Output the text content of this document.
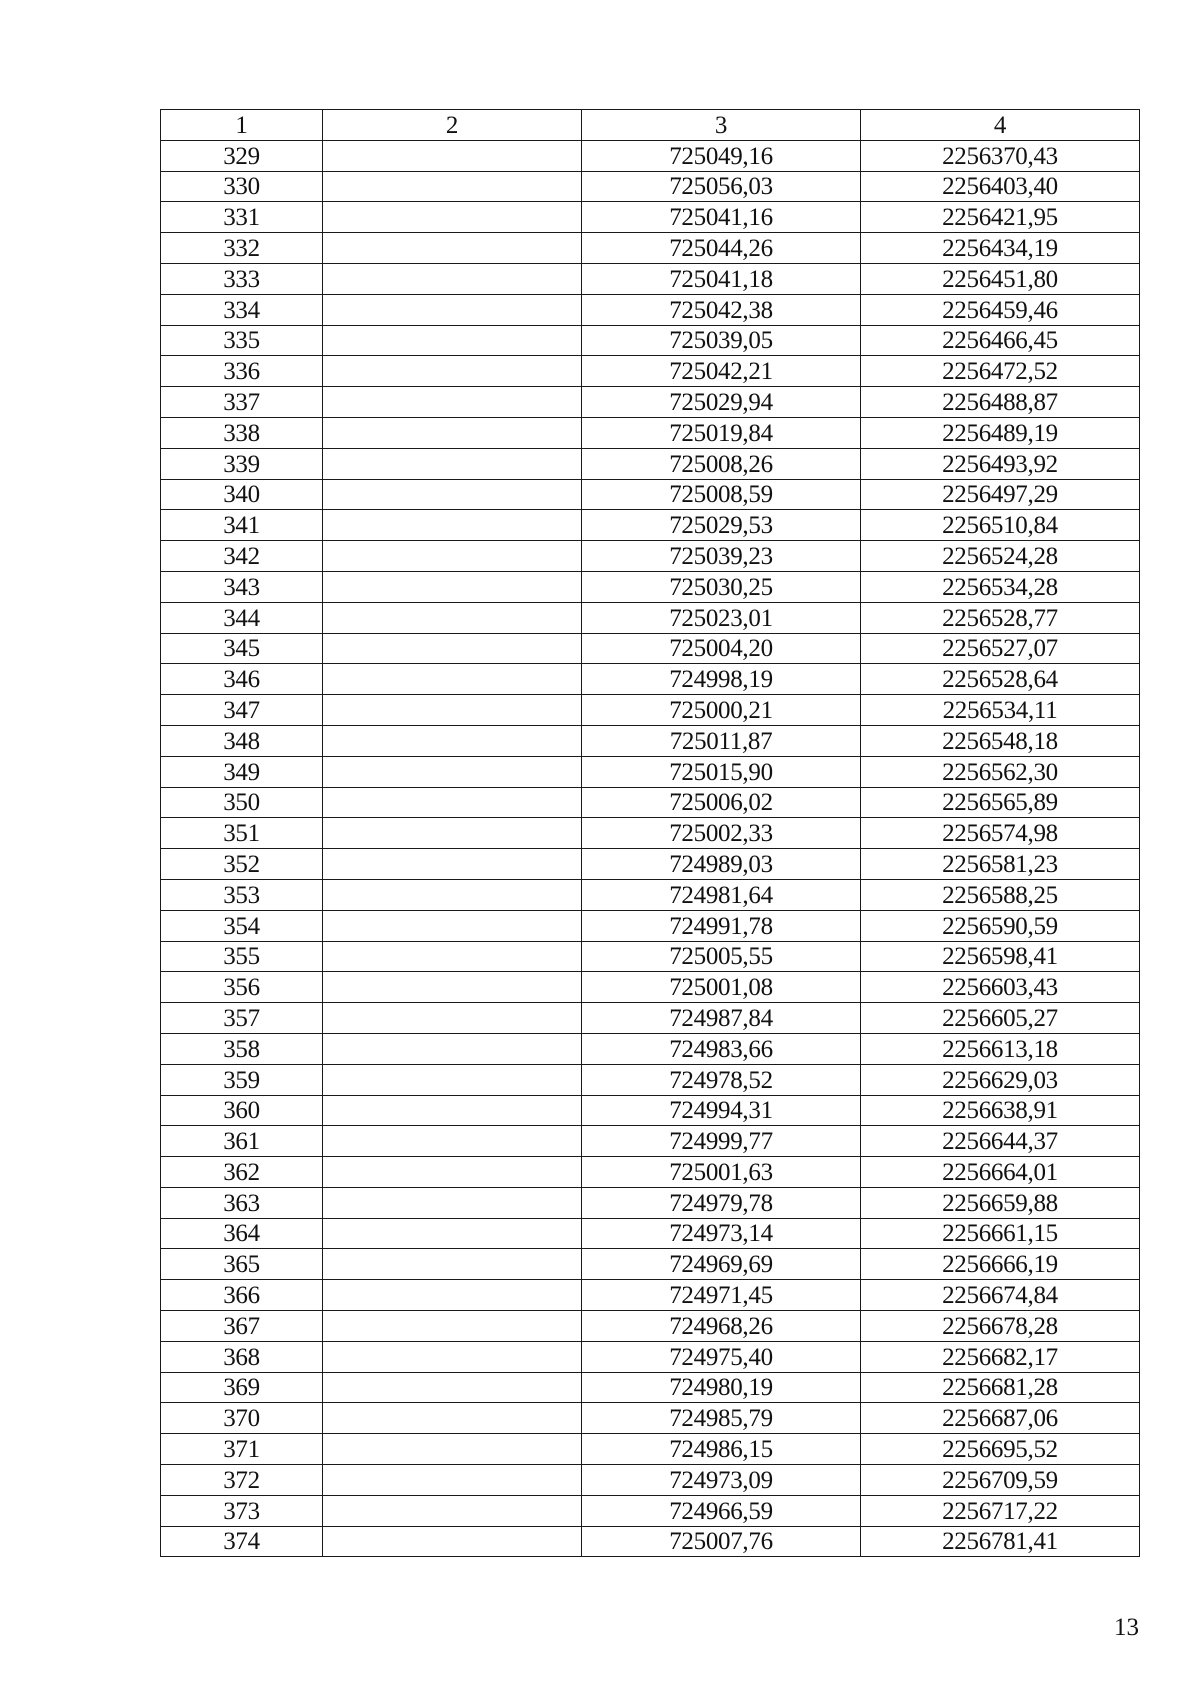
1	2	3	4
329		725049,16	2256370,43
330		725056,03	2256403,40
331		725041,16	2256421,95
332		725044,26	2256434,19
333		725041,18	2256451,80
334		725042,38	2256459,46
335		725039,05	2256466,45
336		725042,21	2256472,52
337		725029,94	2256488,87
338		725019,84	2256489,19
339		725008,26	2256493,92
340		725008,59	2256497,29
341		725029,53	2256510,84
342		725039,23	2256524,28
343		725030,25	2256534,28
344		725023,01	2256528,77
345		725004,20	2256527,07
346		724998,19	2256528,64
347		725000,21	2256534,11
348		725011,87	2256548,18
349		725015,90	2256562,30
350		725006,02	2256565,89
351		725002,33	2256574,98
352		724989,03	2256581,23
353		724981,64	2256588,25
354		724991,78	2256590,59
355		725005,55	2256598,41
356		725001,08	2256603,43
357		724987,84	2256605,27
358		724983,66	2256613,18
359		724978,52	2256629,03
360		724994,31	2256638,91
361		724999,77	2256644,37
362		725001,63	2256664,01
363		724979,78	2256659,88
364		724973,14	2256661,15
365		724969,69	2256666,19
366		724971,45	2256674,84
367		724968,26	2256678,28
368		724975,40	2256682,17
369		724980,19	2256681,28
370		724985,79	2256687,06
371		724986,15	2256695,52
372		724973,09	2256709,59
373		724966,59	2256717,22
374		725007,76	2256781,41
13
